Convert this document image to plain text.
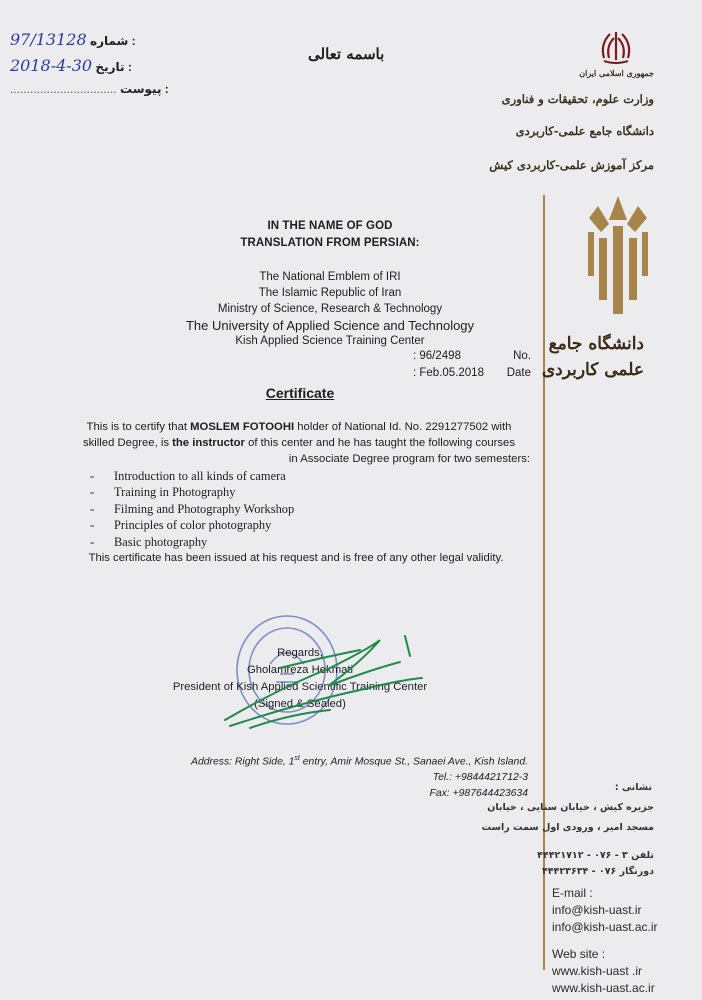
97/13128 شماره :
2018-4-30 تاریخ :
................................ پیوست :
باسمه تعالی
جمهوری اسلامی ایران
وزارت علوم، تحقیقات و فناوری
دانشگاه جامع علمی-کاربردی
مرکز آموزش علمی-کاربردی کیش
دانشگاه جامع
علمی کاربردی
IN THE NAME OF GOD
TRANSLATION FROM PERSIAN:
The National Emblem of IRI
The Islamic Republic of Iran
Ministry of Science, Research & Technology
The University of Applied Science and Technology
Kish Applied Science Training Center
: 96/2498	No.
: Feb.05.2018 Date
Certificate
This is to certify that MOSLEM FOTOOHI holder of National Id. No. 2291277502 with
skilled Degree, is the instructor of this center and he has taught the following courses
in Associate Degree program for two semesters:
-	Introduction to all kinds of camera
-	Training in Photography
-	Filming and Photography Workshop
-	Principles of color photography
-	Basic photography
This certificate has been issued at his request and is free of any other legal validity.
Regards,
Gholamreza Hekmati
President of Kish Applied Scientific Training Center
(Signed & Sealed)
Address: Right Side, 1st entry, Amir Mosque St., Sanaei Ave., Kish Island.
Tel.: +9844421712-3
Fax: +987644423634
نشانی :
جزیره کیش ، خیابان سنایی ، خیابان
مسجد امیر ، ورودی اول سمت راست
تلفن ۳ - ۰۷۶ - ۴۴۴۲۱۷۱۲
دورنگار ۰۷۶ - ۴۴۴۲۳۶۳۴
E-mail :
info@kish-uast.ir
info@kish-uast.ac.ir
Web site :
www.kish-uast .ir
www.kish-uast.ac.ir
